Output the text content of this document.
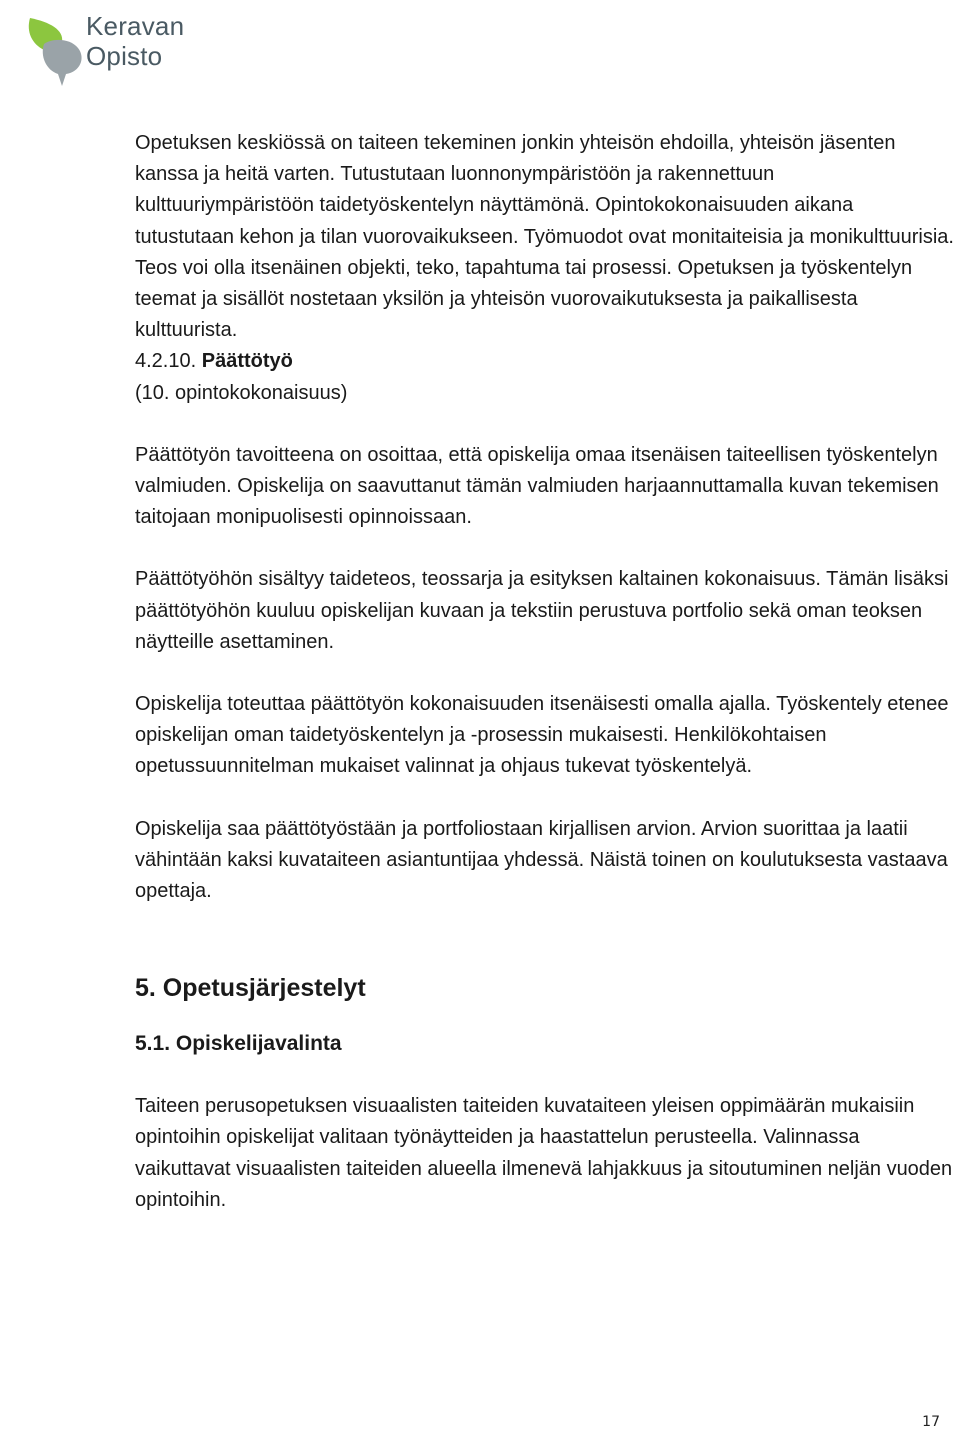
Keravan
Opisto

Opetuksen keskiössä on taiteen tekeminen jonkin yhteisön ehdoilla, yhteisön jäsenten kanssa ja heitä varten. Tutustutaan luonnonympäristöön ja rakennettuun kulttuuriympäristöön taidetyöskentelyn näyttämönä. Opintokokonaisuuden aikana tutustutaan kehon ja tilan vuorovaikukseen. Työmuodot ovat monitaiteisia ja monikulttuurisia. Teos voi olla itsenäinen objekti, teko, tapahtuma tai prosessi. Opetuksen ja työskentelyn teemat ja sisällöt nostetaan yksilön ja yhteisön vuorovaikutuksesta ja paikallisesta kulttuurista.

4.2.10. Päättötyö

(10. opintokokonaisuus)

Päättötyön tavoitteena on osoittaa, että opiskelija omaa itsenäisen taiteellisen työskentelyn valmiuden. Opiskelija on saavuttanut tämän valmiuden harjaannuttamalla kuvan tekemisen taitojaan monipuolisesti opinnoissaan.

Päättötyöhön sisältyy taideteos, teossarja ja esityksen kaltainen kokonaisuus. Tämän lisäksi päättötyöhön kuuluu opiskelijan kuvaan ja tekstiin perustuva portfolio sekä oman teoksen näytteille asettaminen.

Opiskelija toteuttaa päättötyön kokonaisuuden itsenäisesti omalla ajalla. Työskentely etenee opiskelijan oman taidetyöskentelyn ja -prosessin mukaisesti. Henkilökohtaisen opetussuunnitelman mukaiset valinnat ja ohjaus tukevat työskentelyä.

Opiskelija saa päättötyöstään ja portfoliostaan kirjallisen arvion. Arvion suorittaa ja laatii vähintään kaksi kuvataiteen asiantuntijaa yhdessä. Näistä toinen on koulutuksesta vastaava opettaja.

5. Opetusjärjestelyt
5.1. Opiskelijavalinta

Taiteen perusopetuksen visuaalisten taiteiden kuvataiteen yleisen oppimäärän mukaisiin opintoihin opiskelijat valitaan työnäytteiden ja haastattelun perusteella. Valinnassa vaikuttavat visuaalisten taiteiden alueella ilmenevä lahjakkuus ja sitoutuminen neljän vuoden opintoihin.

17
